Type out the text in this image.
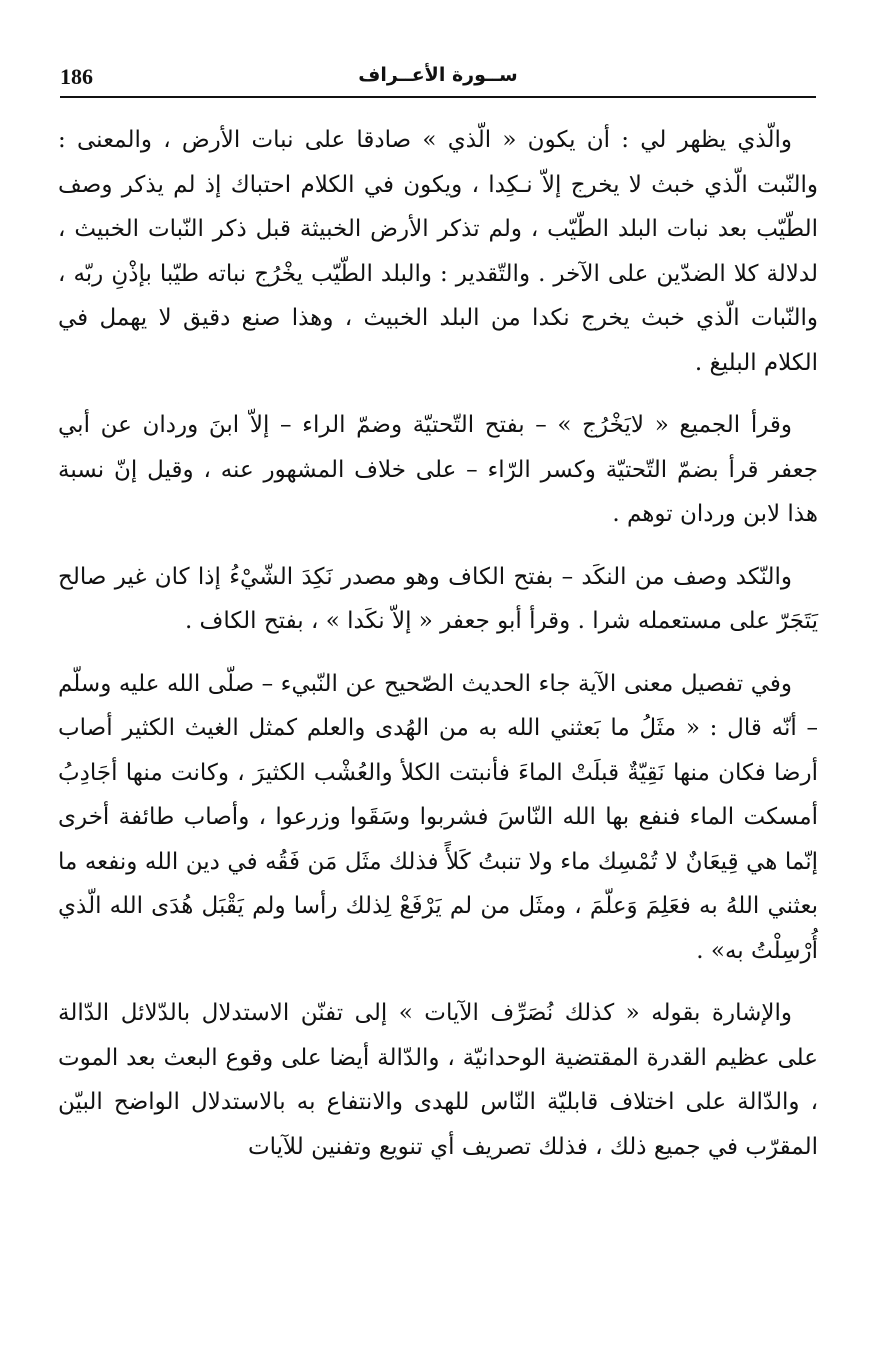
186	ســورة الأعــراف

والّذي يظهر لي : أن يكون « الّذي » صادقا على نبات الأرض ، والمعنى : والنّبت الّذي خبث لا يخرج إلاّ نـكِدا ، ويكون في الكلام احتباك إذ لم يذكر وصف الطّيّب بعد نبات البلد الطّيّب ، ولم تذكر الأرض الخبيثة قبل ذكر النّبات الخبيث ، لدلالة كلا الضدّين على الآخر . والتّقدير : والبلد الطّيّب يخْرُج نباته طيّبا بإذْنِ ربّه ، والنّبات الّذي خبث يخرج نكدا من البلد الخبيث ، وهذا صنع دقيق لا يهمل في الكلام البليغ .

وقرأ الجميع « لايَخْرُج » – بفتح التّحتيّة وضمّ الراء – إلاّ ابنَ وردان عن أبي جعفر قرأ بضمّ التّحتيّة وكسر الرّاء – على خلاف المشهور عنه ، وقيل إنّ نسبة هذا لابن وردان توهم .

والنّكد وصف من النكَد – بفتح الكاف وهو مصدر نَكِدَ الشّيْءُ إذا كان غير صالح يَتَجَرّ على مستعمله شرا . وقرأ أبو جعفر « إلاّ نكَدا » ، بفتح الكاف .

وفي تفصيل معنى الآية جاء الحديث الصّحيح عن النّبيء – صلّى الله عليه وسلّم – أنّه قال : « مثَلُ ما بَعثني الله به من الهُدى والعلم كمثل الغيث الكثير أصاب أرضا فكان منها نَقِيّةٌ قبلَتْ الماءَ فأنبتت الكلأ والعُشْب الكثيرَ ، وكانت منها أجَادِبُ أمسكت الماء فنفع بها الله النّاسَ فشربوا وسَقَوا وزرعوا ، وأصاب طائفة أخرى إنّما هي قِيعَانٌ لا تُمْسِك ماء ولا تنبتُ كَلأً فذلك مثَل مَن فَقُه في دين الله ونفعه ما بعثني اللهُ به فعَلِمَ وَعلّمَ ، ومثَل من لم يَرْفَعْ لِذلك رأسا ولم يَقْبَل هُدَى الله الّذي أُرْسِلْتُ به» .

والإشارة بقوله « كذلك نُصَرِّف الآيات » إلى تفنّن الاستدلال بالدّلائل الدّالة على عظيم القدرة المقتضية الوحدانيّة ، والدّالة أيضا على وقوع البعث بعد الموت ، والدّالة على اختلاف قابليّة النّاس للهدى والانتفاع به بالاستدلال الواضح البيّن المقرّب في جميع ذلك ، فذلك تصريف أي تنويع وتفنين للآيات
